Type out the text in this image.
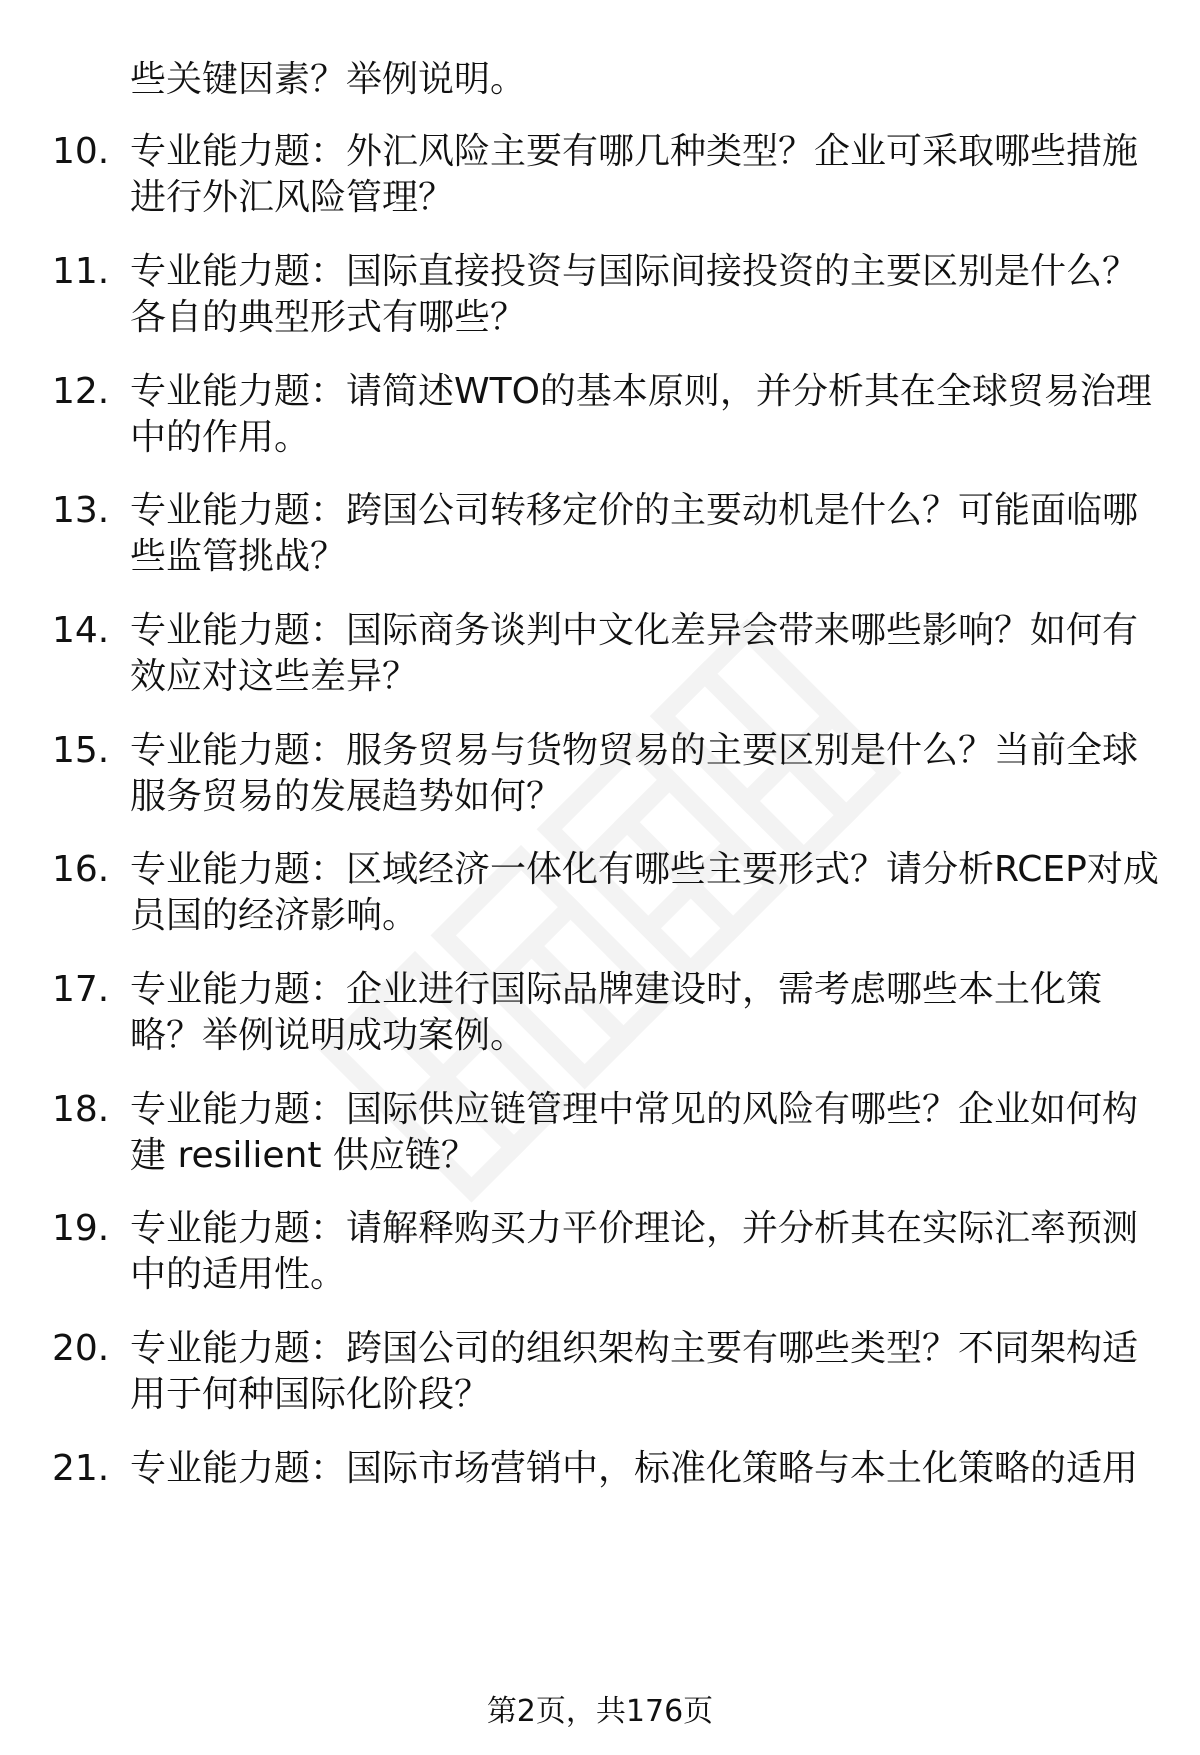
些关键因素？举例说明。
10. 专业能力题：外汇风险主要有哪几种类型？企业可采取哪些措施
进行外汇风险管理？
11. 专业能力题：国际直接投资与国际间接投资的主要区别是什么？
各自的典型形式有哪些？
12. 专业能力题：请简述WTO的基本原则，并分析其在全球贸易治理
中的作用。
13. 专业能力题：跨国公司转移定价的主要动机是什么？可能面临哪
些监管挑战？
14. 专业能力题：国际商务谈判中文化差异会带来哪些影响？如何有
效应对这些差异？
15. 专业能力题：服务贸易与货物贸易的主要区别是什么？当前全球
服务贸易的发展趋势如何？
16. 专业能力题：区域经济一体化有哪些主要形式？请分析RCEP对成
员国的经济影响。
17. 专业能力题：企业进行国际品牌建设时，需考虑哪些本土化策
略？举例说明成功案例。
18. 专业能力题：国际供应链管理中常见的风险有哪些？企业如何构
建 resilient 供应链？
19. 专业能力题：请解释购买力平价理论，并分析其在实际汇率预测
中的适用性。
20. 专业能力题：跨国公司的组织架构主要有哪些类型？不同架构适
用于何种国际化阶段？
21. 专业能力题：国际市场营销中，标准化策略与本土化策略的适用
第2页，共176页
